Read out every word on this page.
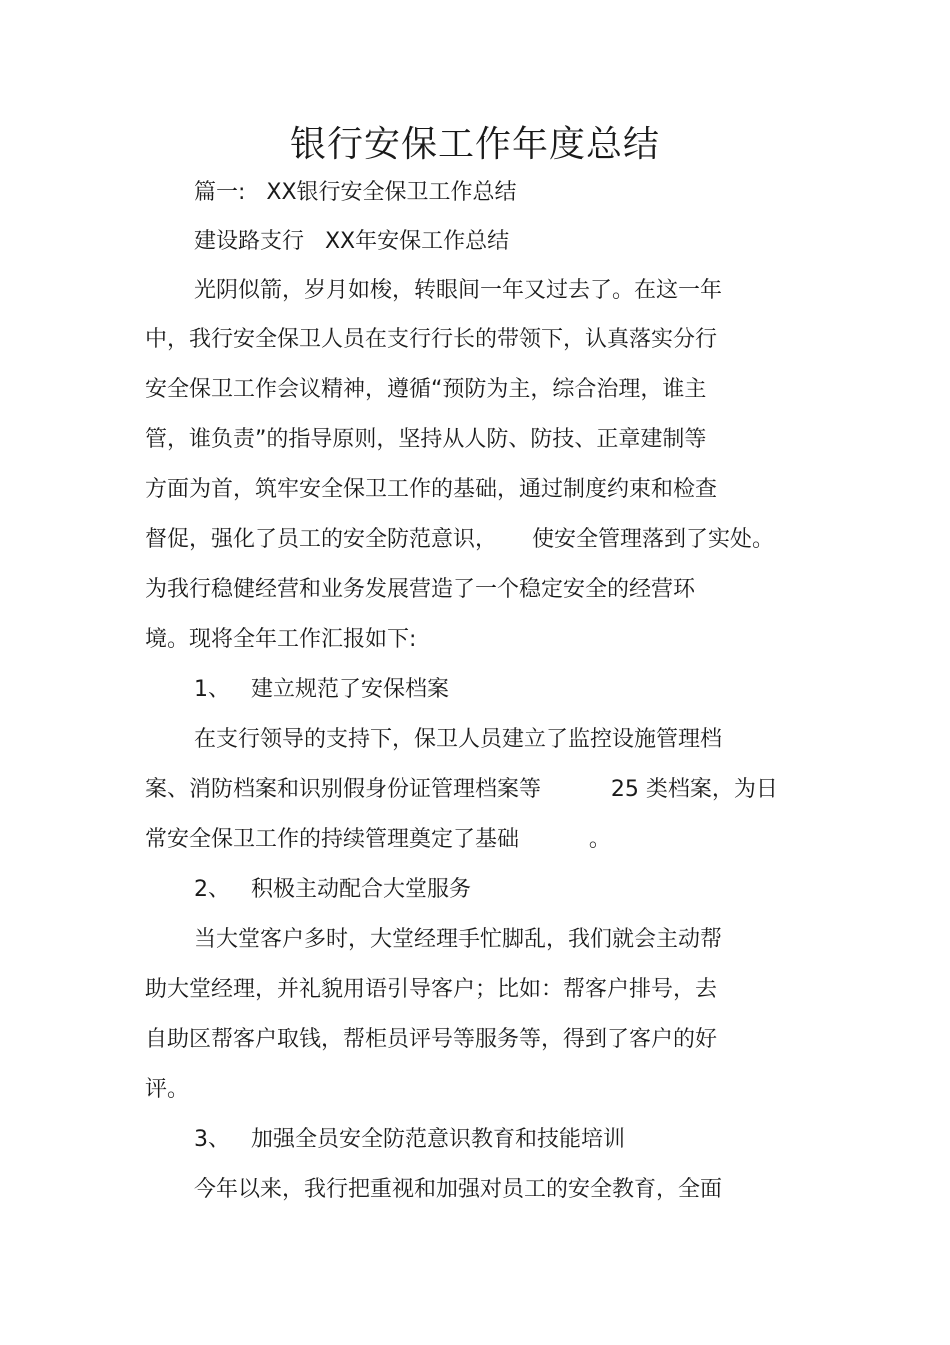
银行安保工作年度总结

篇一:   XX银行安全保卫工作总结

建设路支行   XX年安保工作总结

光阴似箭，岁月如梭，转眼间一年又过去了。在这一年

中，我行安全保卫人员在支行行长的带领下，认真落实分行

安全保卫工作会议精神，遵循“预防为主，综合治理，谁主

管，谁负责”的指导原则，坚持从人防、防技、正章建制等

方面为首，筑牢安全保卫工作的基础，通过制度约束和检查

督促，强化了员工的安全防范意识，     使安全管理落到了实处。

为我行稳健经营和业务发展营造了一个稳定安全的经营环

境。现将全年工作汇报如下:

1、   建立规范了安保档案

在支行领导的支持下，保卫人员建立了监控设施管理档

案、消防档案和识别假身份证管理档案等          25 类档案，为日

常安全保卫工作的持续管理奠定了基础          。

2、   积极主动配合大堂服务

当大堂客户多时，大堂经理手忙脚乱，我们就会主动帮

助大堂经理，并礼貌用语引导客户；比如：帮客户排号，去

自助区帮客户取钱，帮柜员评号等服务等，得到了客户的好

评。

3、   加强全员安全防范意识教育和技能培训

今年以来，我行把重视和加强对员工的安全教育，全面
